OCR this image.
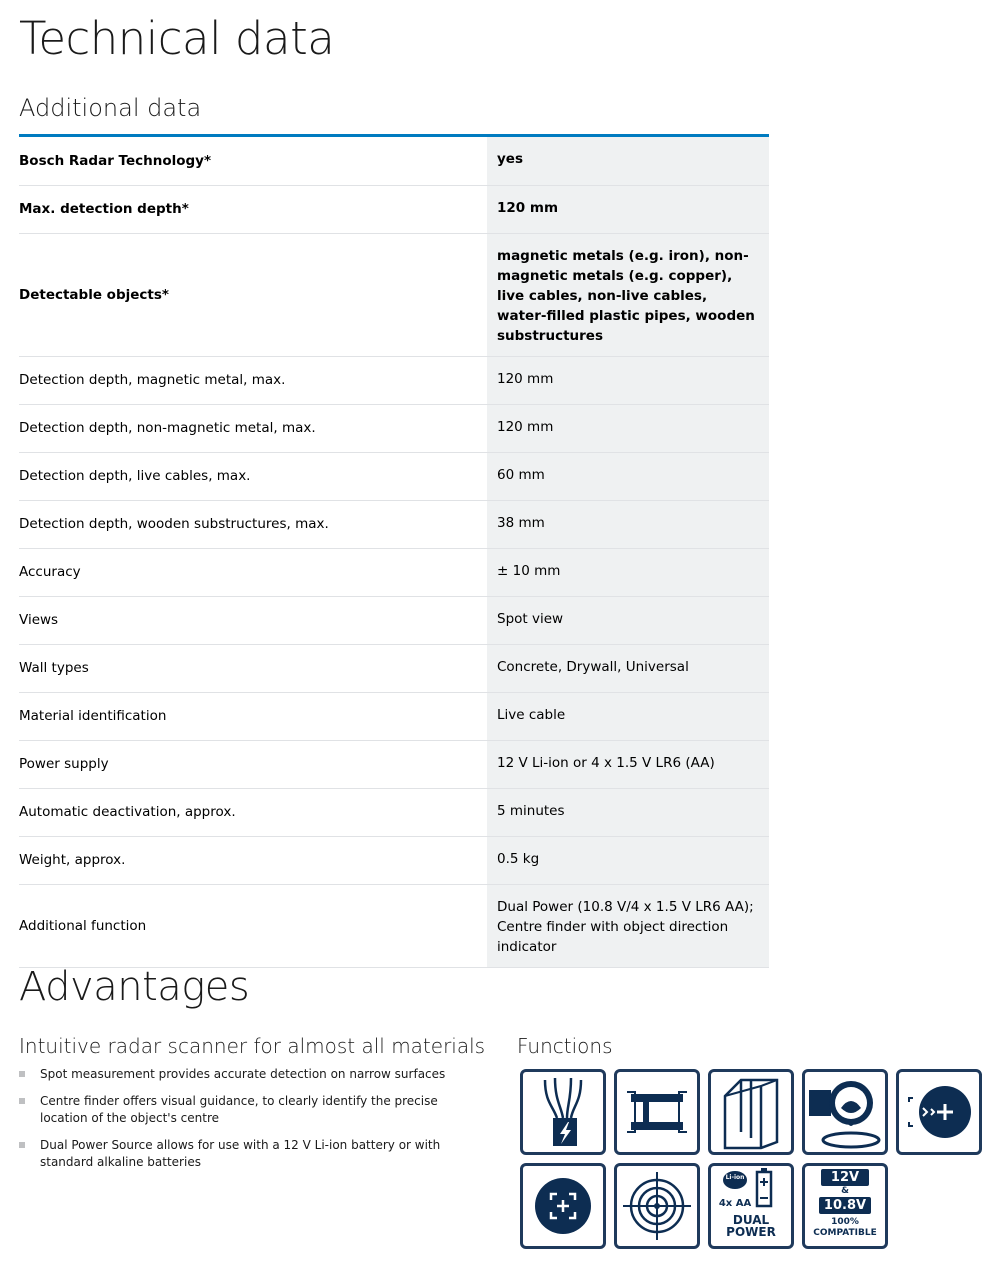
Technical data
Additional data
Bosch Radar Technology*	yes
Max. detection depth*	120 mm
Detectable objects*	magnetic metals (e.g. iron), non-magnetic metals (e.g. copper), live cables, non-live cables, water-filled plastic pipes, wooden substructures
Detection depth, magnetic metal, max.	120 mm
Detection depth, non-magnetic metal, max.	120 mm
Detection depth, live cables, max.	60 mm
Detection depth, wooden substructures, max.	38 mm
Accuracy	± 10 mm
Views	Spot view
Wall types	Concrete, Drywall, Universal
Material identification	Live cable
Power supply	12 V Li-ion or 4 x 1.5 V LR6 (AA)
Automatic deactivation, approx.	5 minutes
Weight, approx.	0.5 kg
Additional function	Dual Power (10.8 V/4 x 1.5 V LR6 AA); Centre finder with object direction indicator
Advantages
Intuitive radar scanner for almost all materials
Spot measurement provides accurate detection on narrow surfaces
Centre finder offers visual guidance, to clearly identify the precise location of the object's centre
Dual Power Source allows for use with a 12 V Li-ion battery or with standard alkaline batteries
Functions
Li-ion
4x AA
DUAL
POWER
12V
&
10.8V
100%
COMPATIBLE
